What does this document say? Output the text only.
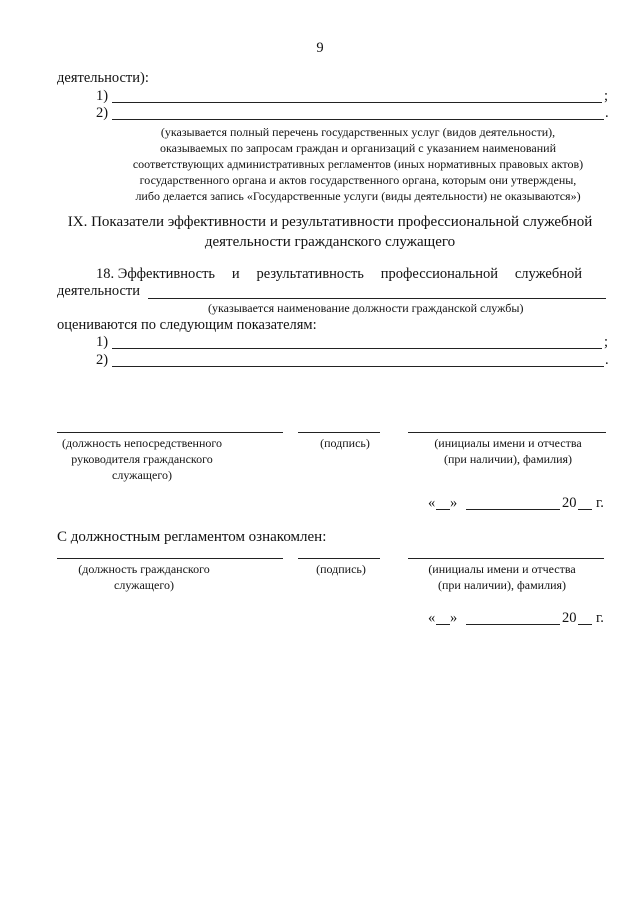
9
деятельности):
1)	;
2)	.
(указывается полный перечень государственных услуг (видов деятельности),
оказываемых по запросам граждан и организаций с указанием наименований
соответствующих административных регламентов (иных нормативных правовых актов)
государственного органа и актов государственного органа, которым они утверждены,
либо делается запись «Государственные услуги (виды деятельности) не оказываются»)
IX. Показатели эффективности и результативности профессиональной служебной
деятельности гражданского служащего
18. Эффективность и результативность профессиональной служебной
деятельности
(указывается наименование должности гражданской службы)
оцениваются по следующим показателям:
1)	;
2)	.
(должность непосредственного
руководителя гражданского
служащего)
(подпись)	(инициалы имени и отчества
(при наличии), фамилия)
« »	20 г.
С должностным регламентом ознакомлен:
(должность гражданского
служащего)
(подпись)	(инициалы имени и отчества
(при наличии), фамилия)
« »	20 г.
